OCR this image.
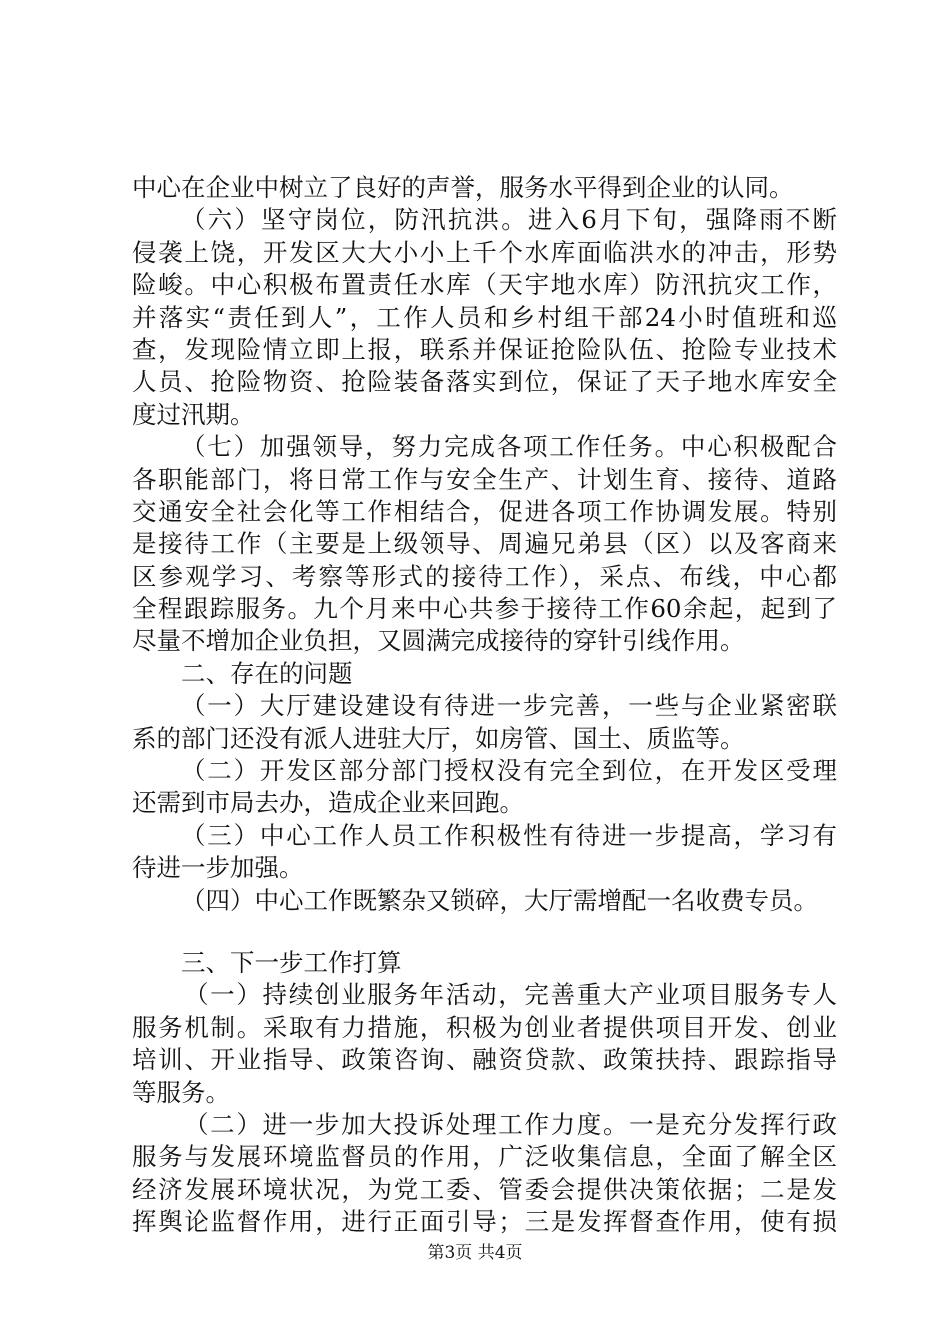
中心在企业中树立了良好的声誉，服务水平得到企业的认同。
（六）坚守岗位，防汛抗洪。进入6月下旬，强降雨不断
侵袭上饶，开发区大大小小上千个水库面临洪水的冲击，形势
险峻。中心积极布置责任水库（天宇地水库）防汛抗灾工作，
并落实“责任到人”，工作人员和乡村组干部24小时值班和巡
查，发现险情立即上报，联系并保证抢险队伍、抢险专业技术
人员、抢险物资、抢险装备落实到位，保证了天子地水库安全
度过汛期。
（七）加强领导，努力完成各项工作任务。中心积极配合
各职能部门，将日常工作与安全生产、计划生育、接待、道路
交通安全社会化等工作相结合，促进各项工作协调发展。特别
是接待工作（主要是上级领导、周遍兄弟县（区）以及客商来
区参观学习、考察等形式的接待工作），采点、布线，中心都
全程跟踪服务。九个月来中心共参于接待工作60余起，起到了
尽量不增加企业负担，又圆满完成接待的穿针引线作用。
二、存在的问题
（一）大厅建设建设有待进一步完善，一些与企业紧密联
系的部门还没有派人进驻大厅，如房管、国土、质监等。
（二）开发区部分部门授权没有完全到位，在开发区受理
还需到市局去办，造成企业来回跑。
（三）中心工作人员工作积极性有待进一步提高，学习有
待进一步加强。
（四）中心工作既繁杂又锁碎，大厅需增配一名收费专员。
三、下一步工作打算
（一）持续创业服务年活动，完善重大产业项目服务专人
服务机制。采取有力措施，积极为创业者提供项目开发、创业
培训、开业指导、政策咨询、融资贷款、政策扶持、跟踪指导
等服务。
（二）进一步加大投诉处理工作力度。一是充分发挥行政
服务与发展环境监督员的作用，广泛收集信息，全面了解全区
经济发展环境状况，为党工委、管委会提供决策依据；二是发
挥舆论监督作用，进行正面引导；三是发挥督查作用，使有损
第3页 共4页
